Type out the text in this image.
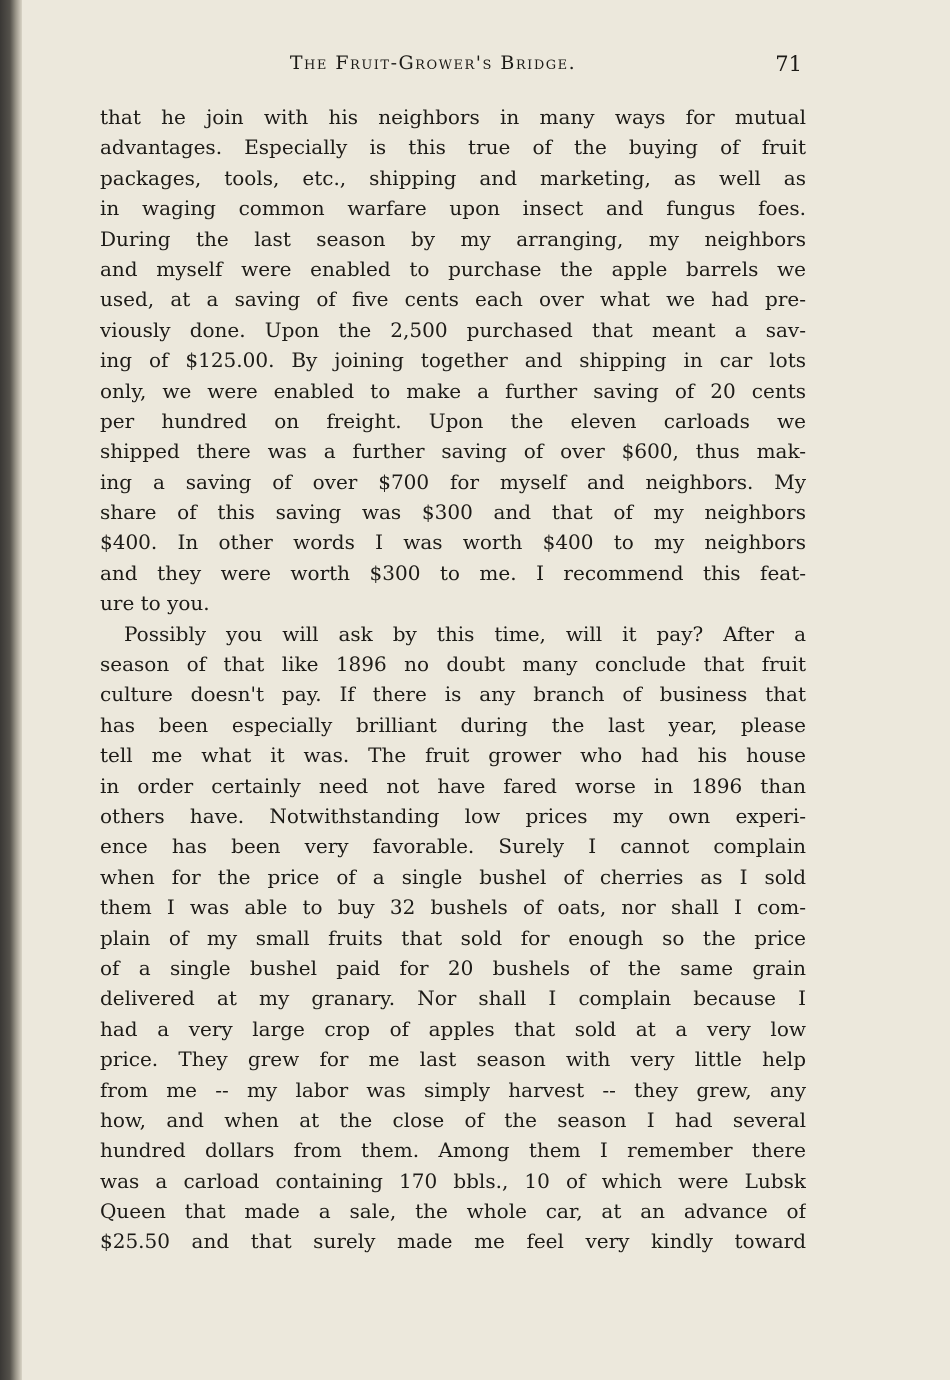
The Fruit-Grower's Bridge.	71
that he join with his neighbors in many ways for mutual
advantages. Especially is this true of the buying of fruit
packages, tools, etc., shipping and marketing, as well as
in waging common warfare upon insect and fungus foes.
During the last season by my arranging, my neighbors
and myself were enabled to purchase the apple barrels we
used, at a saving of five cents each over what we had pre-
viously done. Upon the 2,500 purchased that meant a sav-
ing of $125.00. By joining together and shipping in car lots
only, we were enabled to make a further saving of 20 cents
per hundred on freight. Upon the eleven carloads we
shipped there was a further saving of over $600, thus mak-
ing a saving of over $700 for myself and neighbors. My
share of this saving was $300 and that of my neighbors
$400. In other words I was worth $400 to my neighbors
and they were worth $300 to me. I recommend this feat-
ure to you.
Possibly you will ask by this time, will it pay? After a
season of that like 1896 no doubt many conclude that fruit
culture doesn't pay. If there is any branch of business that
has been especially brilliant during the last year, please
tell me what it was. The fruit grower who had his house
in order certainly need not have fared worse in 1896 than
others have. Notwithstanding low prices my own experi-
ence has been very favorable. Surely I cannot complain
when for the price of a single bushel of cherries as I sold
them I was able to buy 32 bushels of oats, nor shall I com-
plain of my small fruits that sold for enough so the price
of a single bushel paid for 20 bushels of the same grain
delivered at my granary. Nor shall I complain because I
had a very large crop of apples that sold at a very low
price. They grew for me last season with very little help
from me -- my labor was simply harvest -- they grew, any
how, and when at the close of the season I had several
hundred dollars from them. Among them I remember there
was a carload containing 170 bbls., 10 of which were Lubsk
Queen that made a sale, the whole car, at an advance of
$25.50 and that surely made me feel very kindly toward
